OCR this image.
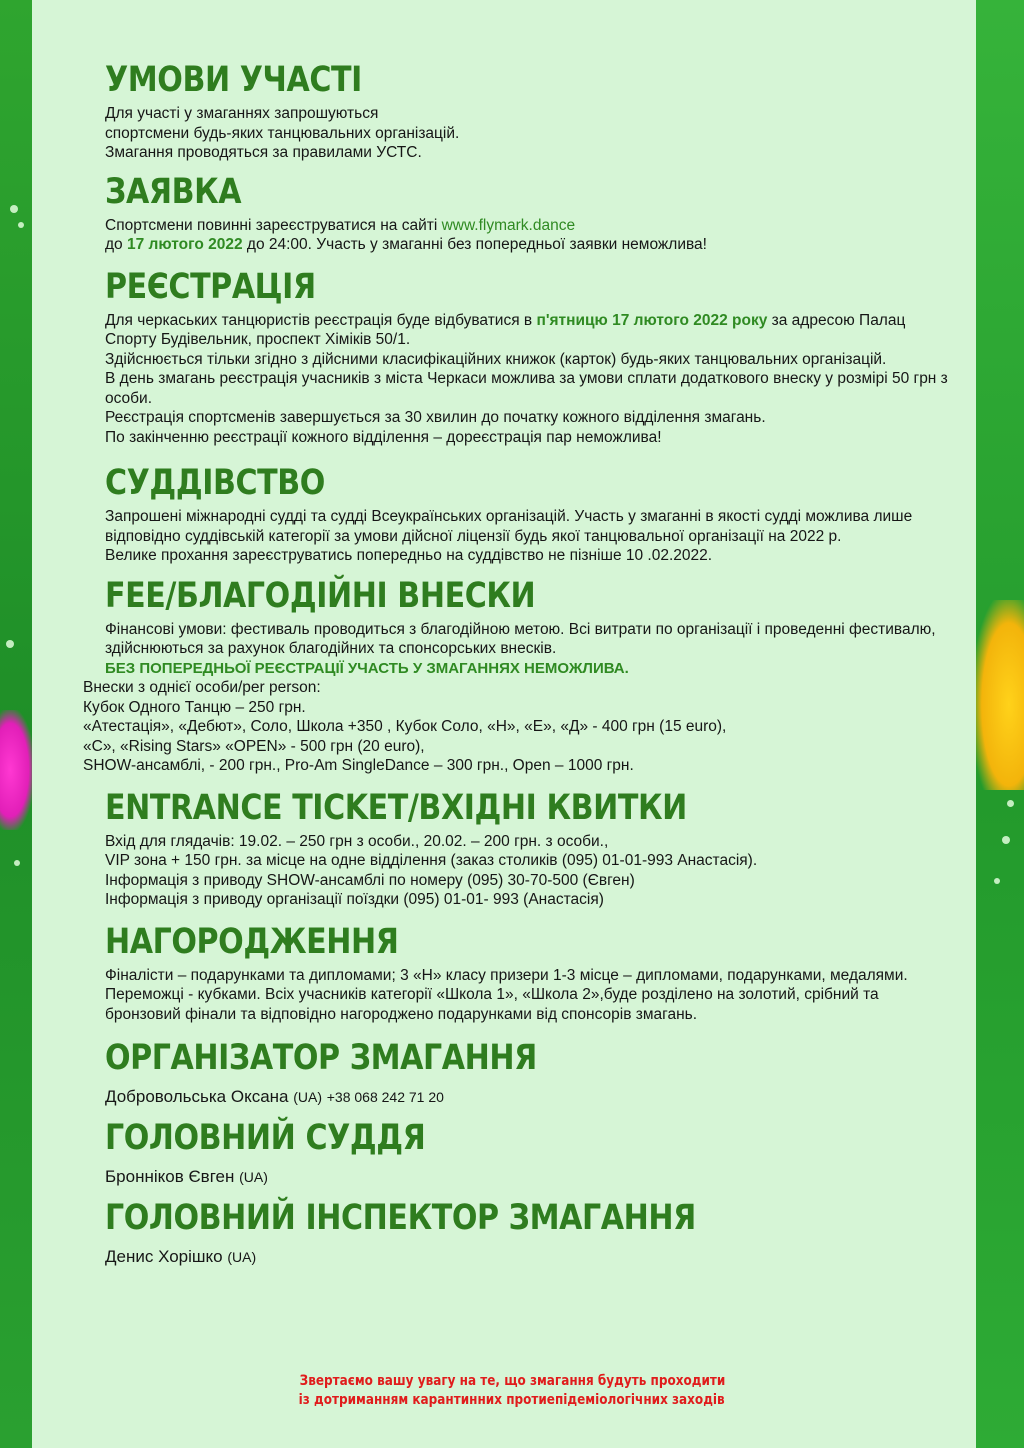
УМОВИ УЧАСТІ

Для участі у змаганнях запрошуються

спортсмени будь-яких танцювальних організацій.

Змагання проводяться за правилами УСТС.

ЗАЯВКА

Спортсмени повинні зареєструватися на сайті www.flymark.dance

до 17 лютого 2022 до 24:00. Участь у змаганні без попередньої заявки неможлива!

РЕЄСТРАЦІЯ

Для черкаських танцюристів реєстрація буде відбуватися в п'ятницю 17 лютого 2022 року за адресою Палац Спорту Будівельник, проспект Хіміків 50/1.

Здійснюється тільки згідно з дійсними класифікаційних книжок (карток) будь-яких танцювальних організацій.

В день змагань реєстрація учасників з міста Черкаси можлива за умови сплати додаткового внеску у розмірі 50 грн з особи.

Реєстрація спортсменів завершується за 30 хвилин до початку кожного відділення змагань.

По закінченню реєстрації кожного відділення – дореєстрація пар неможлива!

СУДДІВСТВО

Запрошені міжнародні судді та судді Всеукраїнських організацій. Участь у змаганні в якості судді можлива лише відповідно суддівській категорії за умови дійсної ліцензії будь якої танцювальної організації на 2022 р.

Велике прохання зареєструватись попередньо на суддівство не пізніше 10 .02.2022.

FEE/БЛАГОДІЙНІ ВНЕСКИ

Фінансові умови: фестиваль проводиться з благодійною метою. Всі витрати по організації і проведенні фестивалю, здійснюються за рахунок благодійних та спонсорських внесків.

БЕЗ ПОПЕРЕДНЬОЇ РЕЄСТРАЦІЇ УЧАСТЬ У ЗМАГАННЯХ НЕМОЖЛИВА.

Внески з однієї особи/per person:

Кубок Одного Танцю – 250 грн.

«Атестація», «Дебют», Соло, Школа +350 , Кубок Соло, «Н», «Е», «Д» - 400 грн (15 euro),

«С», «Rising Stars» «OPEN» - 500 грн (20 euro),

SHOW-ансамблі, - 200 грн., Pro-Am SingleDance – 300 грн., Open – 1000 грн.

ENTRANCE TICKET/ВХІДНІ КВИТКИ

Вхід для глядачів: 19.02. – 250 грн з особи., 20.02. – 200 грн. з особи.,

VIP зона + 150 грн. за місце на одне відділення (заказ столиків (095) 01-01-993 Анастасія).

Інформація з приводу SHOW-ансамблі по номеру (095) 30-70-500 (Євген)

Інформація з приводу організації поїздки (095) 01-01- 993 (Анастасія)

НАГОРОДЖЕННЯ

Фіналісти – подарунками та дипломами; 3 «Н» класу призери 1-3 місце – дипломами, подарунками, медалями. Переможці - кубками. Всіх учасників категорії «Школа 1», «Школа 2»,буде розділено на золотий, срібний та бронзовий фінали та відповідно нагороджено подарунками від спонсорів змагань.

ОРГАНІЗАТОР ЗМАГАННЯ

Добровольська Оксана (UA) +38 068 242 71 20

ГОЛОВНИЙ СУДДЯ

Бронніков Євген (UA)

ГОЛОВНИЙ ІНСПЕКТОР ЗМАГАННЯ

Денис Хорішко (UA)

Звертаємо вашу увагу на те, що змагання будуть проходити
із дотриманням карантинних протиепідеміологічних заходів
